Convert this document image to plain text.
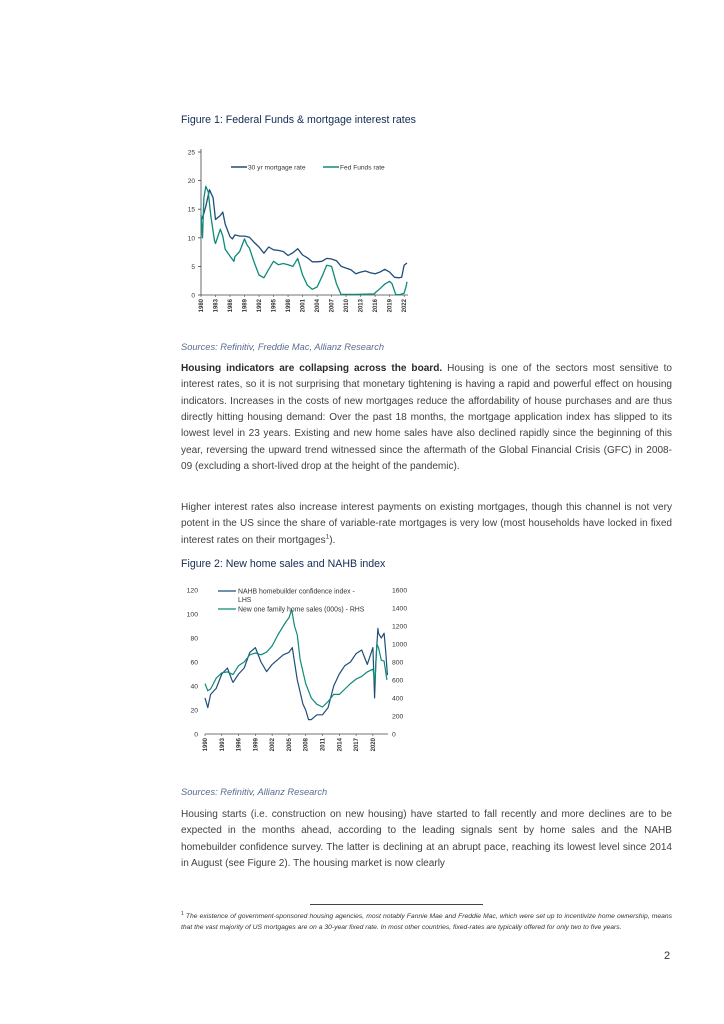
Figure 1: Federal Funds & mortgage interest rates
0
5
10
15
20
25
1980 1983 1986 1989 1992 1995 1998 2001 2004 2007 2010 2013 2016 2019 2022
30 yr mortgage rate	Fed Funds rate
Sources: Refinitiv, Freddie Mac, Allianz Research

Housing indicators are collapsing across the board. Housing is one of the sectors most sensitive to interest rates, so it is not surprising that monetary tightening is having a rapid and powerful effect on housing indicators. Increases in the costs of new mortgages reduce the affordability of house purchases and are thus directly hitting housing demand: Over the past 18 months, the mortgage application index has slipped to its lowest level in 23 years. Existing and new home sales have also declined rapidly since the beginning of this year, reversing the upward trend witnessed since the aftermath of the Global Financial Crisis (GFC) in 2008-09 (excluding a short-lived drop at the height of the pandemic).

Higher interest rates also increase interest payments on existing mortgages, though this channel is not very potent in the US since the share of variable-rate mortgages is very low (most households have locked in fixed interest rates on their mortgages$^1$).

Figure 2: New home sales and NAHB index
0
20
40
60
80
100
120
0
200
400
600
800
1000
1200
1400
1600
1990 1993 1996 1999 2002 2005 2008 2011 2014 2017 2020
NAHB homebuilder confidence index -
LHS
New one family home sales (000s) - RHS
Sources: Refinitiv, Allianz Research

Housing starts (i.e. construction on new housing) have started to fall recently and more declines are to be expected in the months ahead, according to the leading signals sent by home sales and the NAHB homebuilder confidence survey. The latter is declining at an abrupt pace, reaching its lowest level since 2014 in August (see Figure 2). The housing market is now clearly

$^1$ The existence of government-sponsored housing agencies, most notably Fannie Mae and Freddie Mac, which were set up to incentivize home ownership, means that the vast majority of US mortgages are on a 30-year fixed rate. In most other countries, fixed-rates are typically offered for only two to five years.

2
